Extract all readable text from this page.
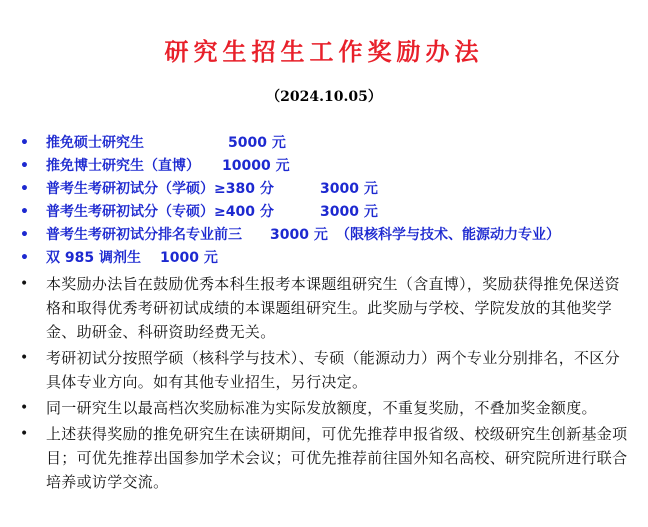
研究生招生工作奖励办法
（2024.10.05）
• 推免硕士研究生	5000 元
• 推免博士研究生（直博） 10000 元
• 普考生考研初试分（学硕）≥380 分	3000 元
• 普考生考研初试分（专硕）≥400 分	3000 元
• 普考生考研初试分排名专业前三 3000 元 （限核科学与技术、能源动力专业）
• 双 985 调剂生 1000 元
• 本奖励办法旨在鼓励优秀本科生报考本课题组研究生（含直博），奖励获得推免保送资格和取得优秀考研初试成绩的本课题组研究生。此奖励与学校、学院发放的其他奖学金、助研金、科研资助经费无关。
• 考研初试分按照学硕（核科学与技术）、专硕（能源动力）两个专业分别排名，不区分具体专业方向。如有其他专业招生，另行决定。
• 同一研究生以最高档次奖励标准为实际发放额度，不重复奖励，不叠加奖金额度。
• 上述获得奖励的推免研究生在读研期间，可优先推荐申报省级、校级研究生创新基金项目；可优先推荐出国参加学术会议；可优先推荐前往国外知名高校、研究院所进行联合培养或访学交流。
